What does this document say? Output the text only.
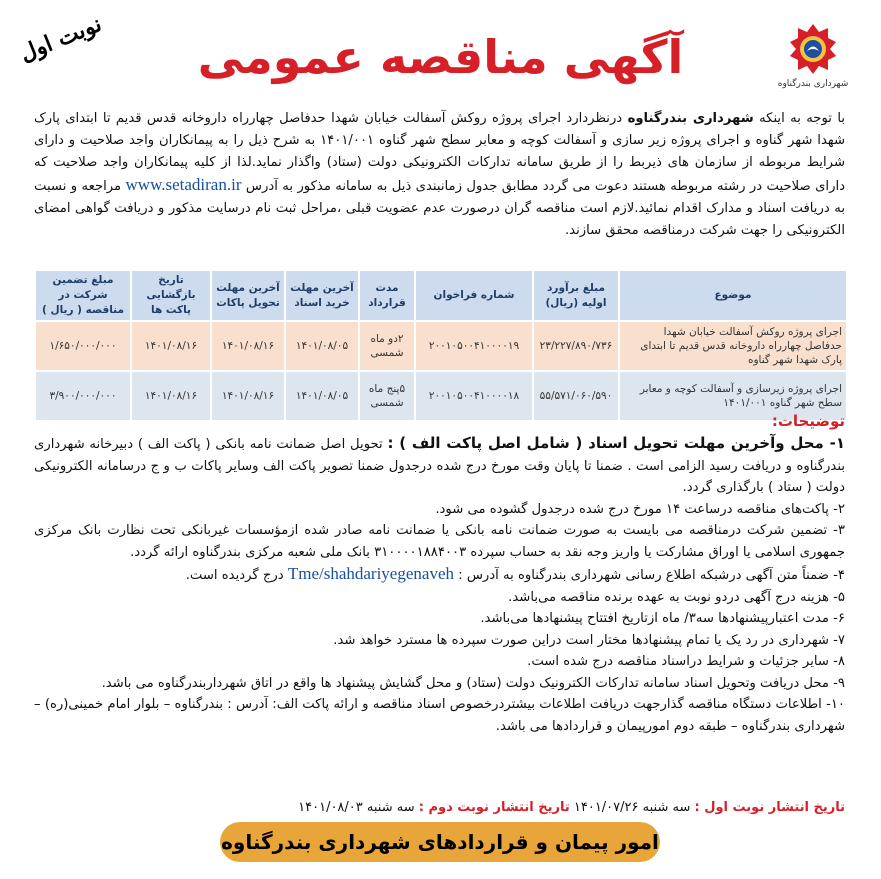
شهرداری بندرگناوه
آگهی مناقصه عمومی
نوبت اول
با توجه به اینکه شهرداری بندرگناوه درنظردارد اجرای پروژه روکش آسفالت خیابان شهدا حدفاصل چهارراه داروخانه قدس قدیم تا ابتدای پارک شهدا شهر گناوه و اجرای پروژه زیر سازی و آسفالت کوچه و معابر سطح شهر گناوه ۱۴۰۱/۰۰۱ به شرح ذیل را به پیمانکاران واجد صلاحیت و دارای شرایط مربوطه از سازمان های ذیربط را از طریق سامانه تدارکات الکترونیکی دولت (ستاد) واگذار نماید.لذا از کلیه پیمانکاران واجد صلاحیت که دارای صلاحیت در رشته مربوطه هستند دعوت می گردد مطابق جدول زمانبندی ذیل به سامانه مذکور به آدرس www.setadiran.ir مراجعه و نسبت به دریافت اسناد و مدارک اقدام نمائید.لازم است مناقصه گران درصورت عدم عضویت قبلی ،مراحل ثبت نام درسایت مذکور و دریافت گواهی امضای الکترونیکی را جهت شرکت درمناقصه محقق سازند.
موضوع	مبلغ برآورد اولیه (ریال)	شماره فراخوان	مدت قرارداد	آخرین مهلت خرید اسناد	آخرین مهلت تحویل پاکات	تاریخ بازگشایی پاکت ها	مبلغ تضمین شرکت در مناقصه ( ریال )
اجرای پروژه روکش آسفالت خیابان شهدا حدفاصل چهارراه داروخانه قدس قدیم تا ابتدای پارک شهدا شهر گناوه	۲۳/۲۲۷/۸۹۰/۷۳۶	۲۰۰۱۰۵۰۰۴۱۰۰۰۰۱۹	۲دو ماه شمسی	۱۴۰۱/۰۸/۰۵	۱۴۰۱/۰۸/۱۶	۱۴۰۱/۰۸/۱۶	۱/۶۵۰/۰۰۰/۰۰۰
اجرای پروژه زیرسازی و آسفالت کوچه و معابر سطح شهر گناوه ۱۴۰۱/۰۰۱	۵۵/۵۷۱/۰۶۰/۵۹۰	۲۰۰۱۰۵۰۰۴۱۰۰۰۰۱۸	۵پنج ماه شمسی	۱۴۰۱/۰۸/۰۵	۱۴۰۱/۰۸/۱۶	۱۴۰۱/۰۸/۱۶	۳/۹۰۰/۰۰۰/۰۰۰
توضیحات:

۱- محل وآخرین مهلت تحویل اسناد ( شامل اصل پاکت الف ) : تحویل اصل ضمانت نامه بانکی ( پاکت الف ) دبیرخانه شهرداری بندرگناوه و دریافت رسید الزامی است . ضمنا تا پایان وقت مورخ درج شده درجدول ضمنا تصویر پاکت الف وسایر پاکات ب و ج درسامانه الکترونیکی دولت ( ستاد ) بارگذاری گردد.

۲- پاکت‌های مناقصه درساعت ۱۴ مورخ درج شده درجدول گشوده می شود.

۳- تضمین شرکت درمناقصه می بایست به صورت ضمانت نامه بانکی یا ضمانت نامه صادر شده ازمؤسسات غیربانکی تحت نظارت بانک مرکزی جمهوری اسلامی یا اوراق مشارکت یا واریز وجه نقد به حساب سپرده ۳۱۰۰۰۰۱۸۸۴۰۰۳ بانک ملی شعبه مرکزی بندرگناوه ارائه گردد.

۴- ضمناً متن آگهی درشبکه اطلاع رسانی شهرداری بندرگناوه به آدرس : Tme/shahdariyegenaveh درج گردیده است.

۵- هزینه درج آگهی دردو نوبت به عهده برنده مناقصه می‌باشد.

۶- مدت اعتبارپیشنهادها سه۳/ ماه ازتاریخ افتتاح پیشنهادها می‌باشد.

۷- شهرداری در رد یک یا تمام پیشنهادها مختار است دراین صورت سپرده ها مسترد خواهد شد.

۸- سایر جزئیات و شرایط دراسناد مناقصه درج شده است.

۹- محل دریافت وتحویل اسناد سامانه تدارکات الکترونیک دولت (ستاد) و محل گشایش پیشنهاد ها واقع در اتاق شهرداربندرگناوه می باشد.

۱۰- اطلاعات دستگاه مناقصه گذارجهت دریافت اطلاعات بیشتردرخصوص اسناد مناقصه و ارائه پاکت الف: آدرس : بندرگناوه – بلوار امام خمینی(ره) – شهرداری بندرگناوه – طبقه دوم امورپیمان و قراردادها می باشد.

تاریخ انتشار نوبت اول : سه شنبه ۱۴۰۱/۰۷/۲۶ تاریخ انتشار نوبت دوم : سه شنبه ۱۴۰۱/۰۸/۰۳
امور پیمان و قراردادهای شهرداری بندرگناوه
